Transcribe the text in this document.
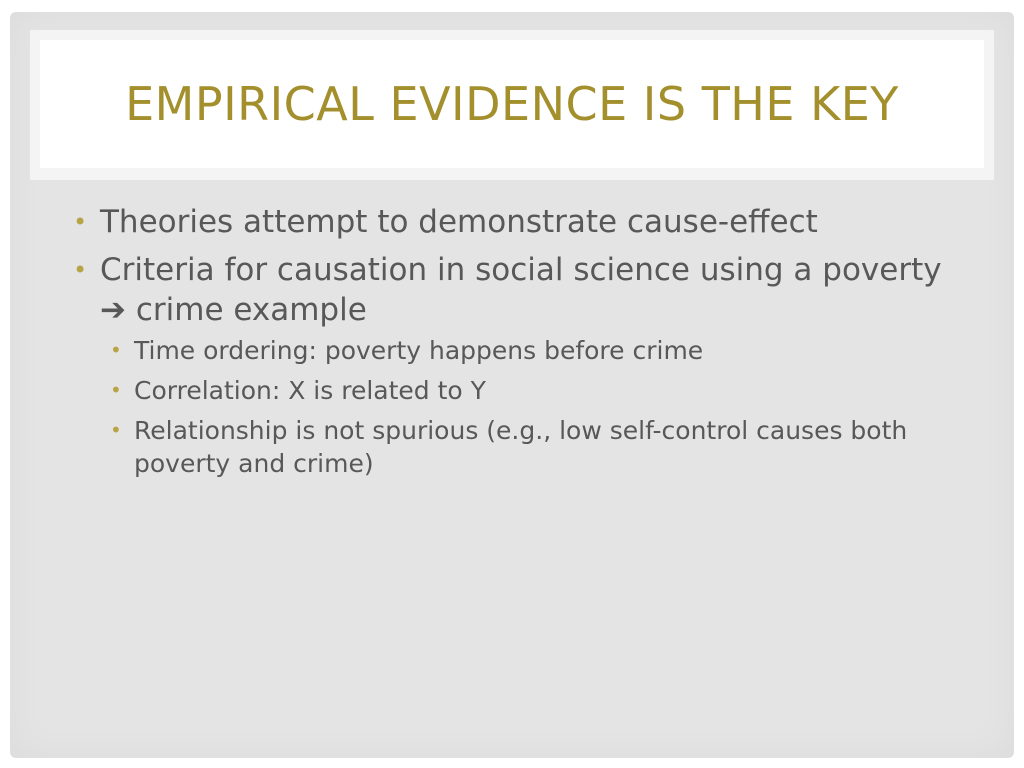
EMPIRICAL EVIDENCE IS THE KEY
• Theories attempt to demonstrate cause-effect
• Criteria for causation in social science using a poverty
➔ crime example
• Time ordering: poverty happens before crime
• Correlation: X is related to Y
• Relationship is not spurious (e.g., low self-control causes both poverty and crime)
